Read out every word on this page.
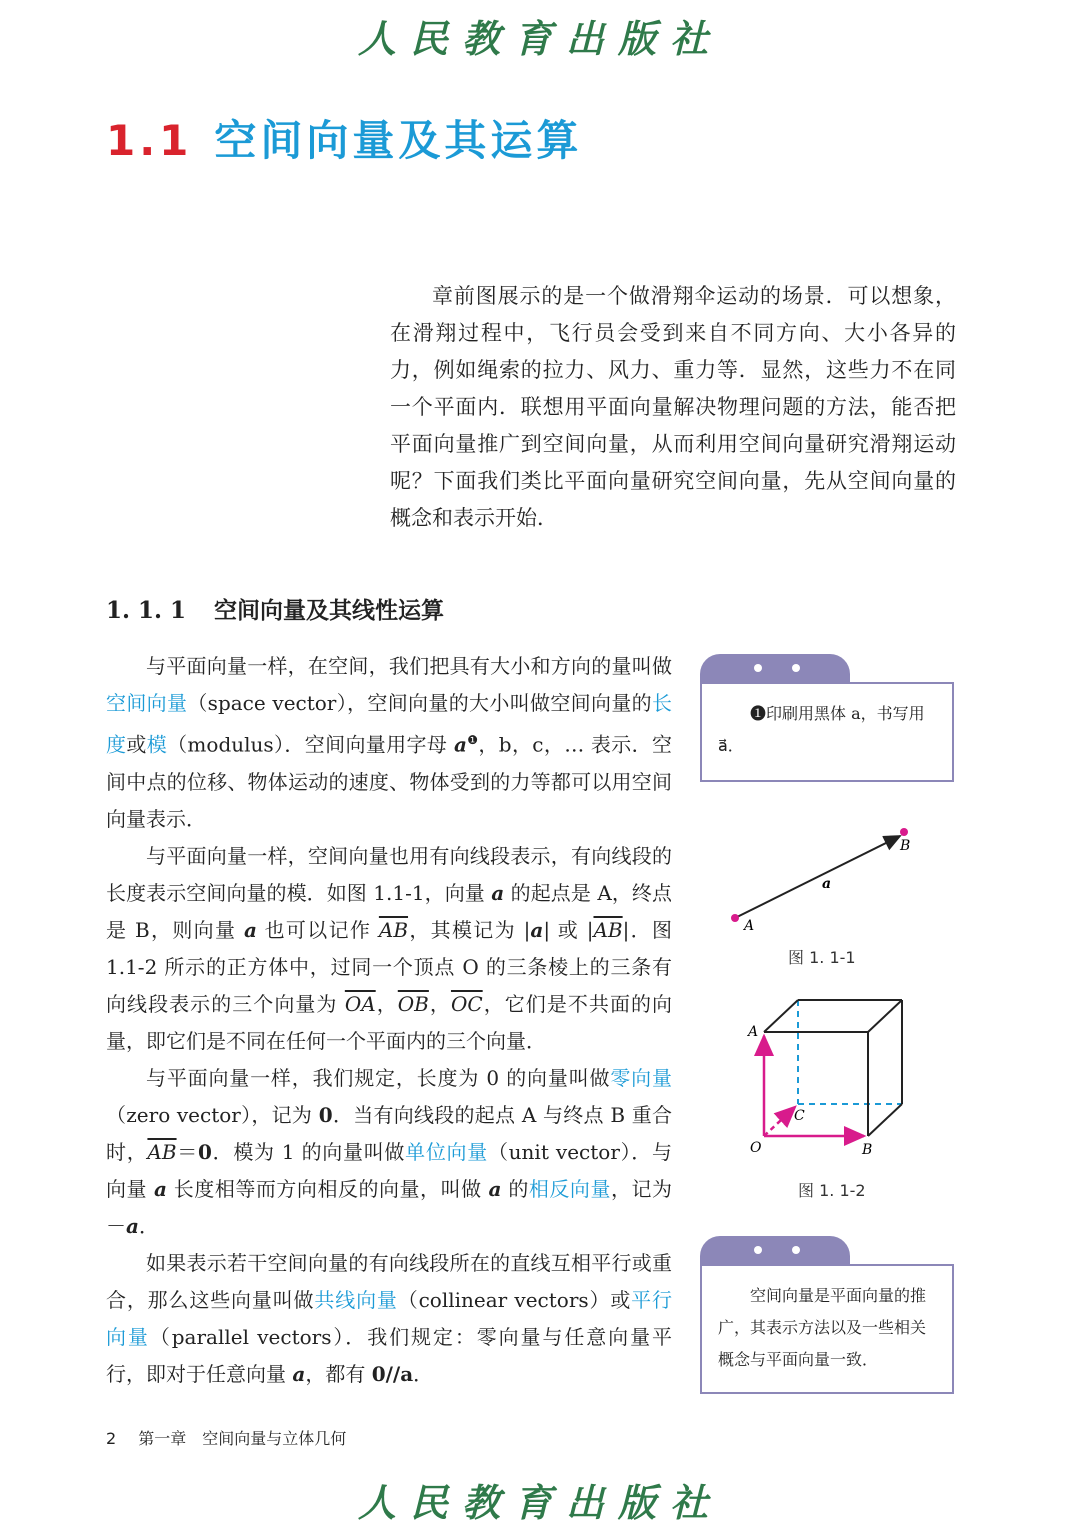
人民教育出版社
1.1 空间向量及其运算

章前图展示的是一个做滑翔伞运动的场景．可以想象，在滑翔过程中，飞行员会受到来自不同方向、大小各异的力，例如绳索的拉力、风力、重力等．显然，这些力不在同一个平面内．联想用平面向量解决物理问题的方法，能否把平面向量推广到空间向量，从而利用空间向量研究滑翔运动呢？下面我们类比平面向量研究空间向量，先从空间向量的概念和表示开始．

1. 1. 1 空间向量及其线性运算

与平面向量一样，在空间，我们把具有大小和方向的量叫做空间向量（space vector），空间向量的大小叫做空间向量的长度或模（modulus）．空间向量用字母 $a^❶$，b，c，… 表示．空间中点的位移、物体运动的速度、物体受到的力等都可以用空间向量表示．

与平面向量一样，空间向量也用有向线段表示，有向线段的长度表示空间向量的模．如图 1.1-1，向量 a 的起点是 A，终点是 B，则向量 a 也可以记作 $\overline{AB}$，其模记为 |a| 或 $|\overline{AB}|$．图 1.1-2 所示的正方体中，过同一个顶点 O 的三条棱上的三条有向线段表示的三个向量为 $\overline{OA}$，$\overline{OB}$，$\overline{OC}$，它们是不共面的向量，即它们是不同在任何一个平面内的三个向量．

与平面向量一样，我们规定，长度为 0 的向量叫做零向量（zero vector），记为 0．当有向线段的起点 A 与终点 B 重合时，$\overline{AB}=0$．模为 1 的向量叫做单位向量（unit vector）．与向量 a 长度相等而方向相反的向量，叫做 a 的相反向量，记为－a．

如果表示若干空间向量的有向线段所在的直线互相平行或重合，那么这些向量叫做共线向量（collinear vectors）或平行向量（parallel vectors）．我们规定：零向量与任意向量平行，即对于任意向量 a，都有 0//a．

❶印刷用黑体 a，书写用 a⃗．
A
B
a
图 1. 1-1
A
B
C
O
图 1. 1-2
空间向量是平面向量的推广，其表示方法以及一些相关概念与平面向量一致．
2 第一章　空间向量与立体几何
人民教育出版社
